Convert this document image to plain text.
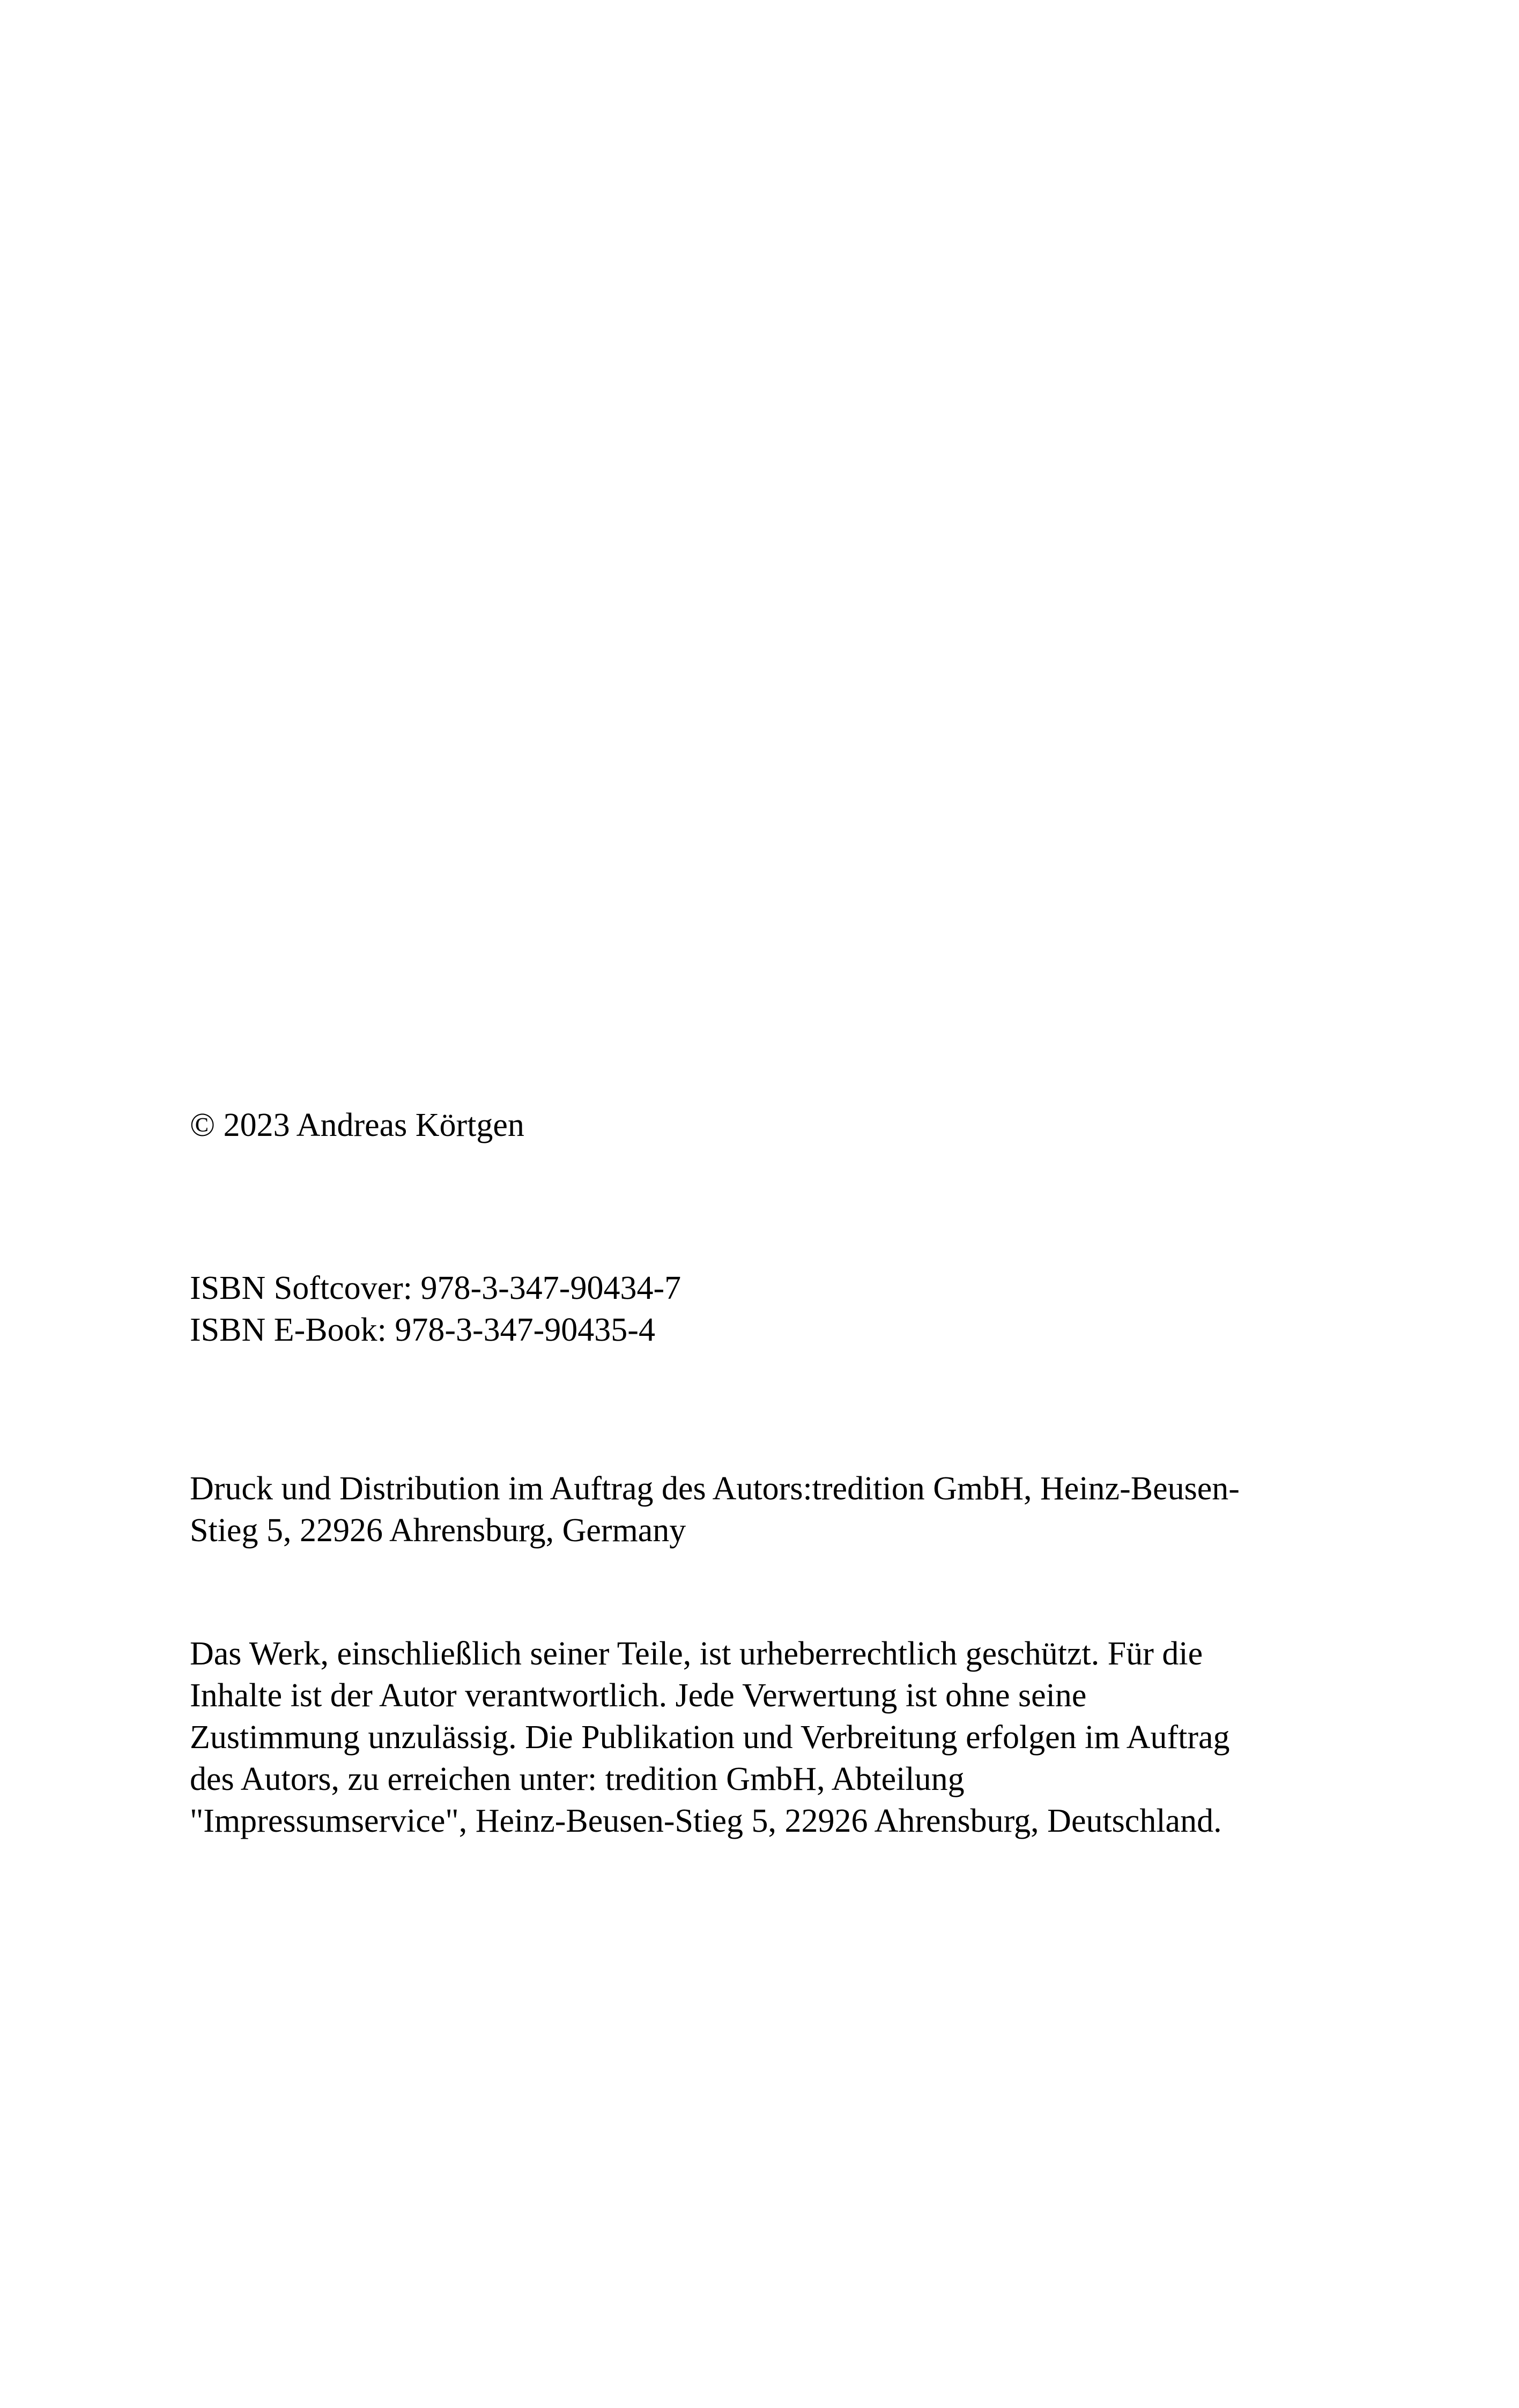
© 2023 Andreas Körtgen

ISBN Softcover: 978-3-347-90434-7
ISBN E-Book: 978-3-347-90435-4

Druck und Distribution im Auftrag des Autors:tredition GmbH, Heinz-Beusen-
Stieg 5, 22926 Ahrensburg, Germany

Das Werk, einschließlich seiner Teile, ist urheberrechtlich geschützt. Für die
Inhalte ist der Autor verantwortlich. Jede Verwertung ist ohne seine
Zustimmung unzulässig. Die Publikation und Verbreitung erfolgen im Auftrag
des Autors, zu erreichen unter: tredition GmbH, Abteilung
"Impressumservice", Heinz-Beusen-Stieg 5, 22926 Ahrensburg, Deutschland.
